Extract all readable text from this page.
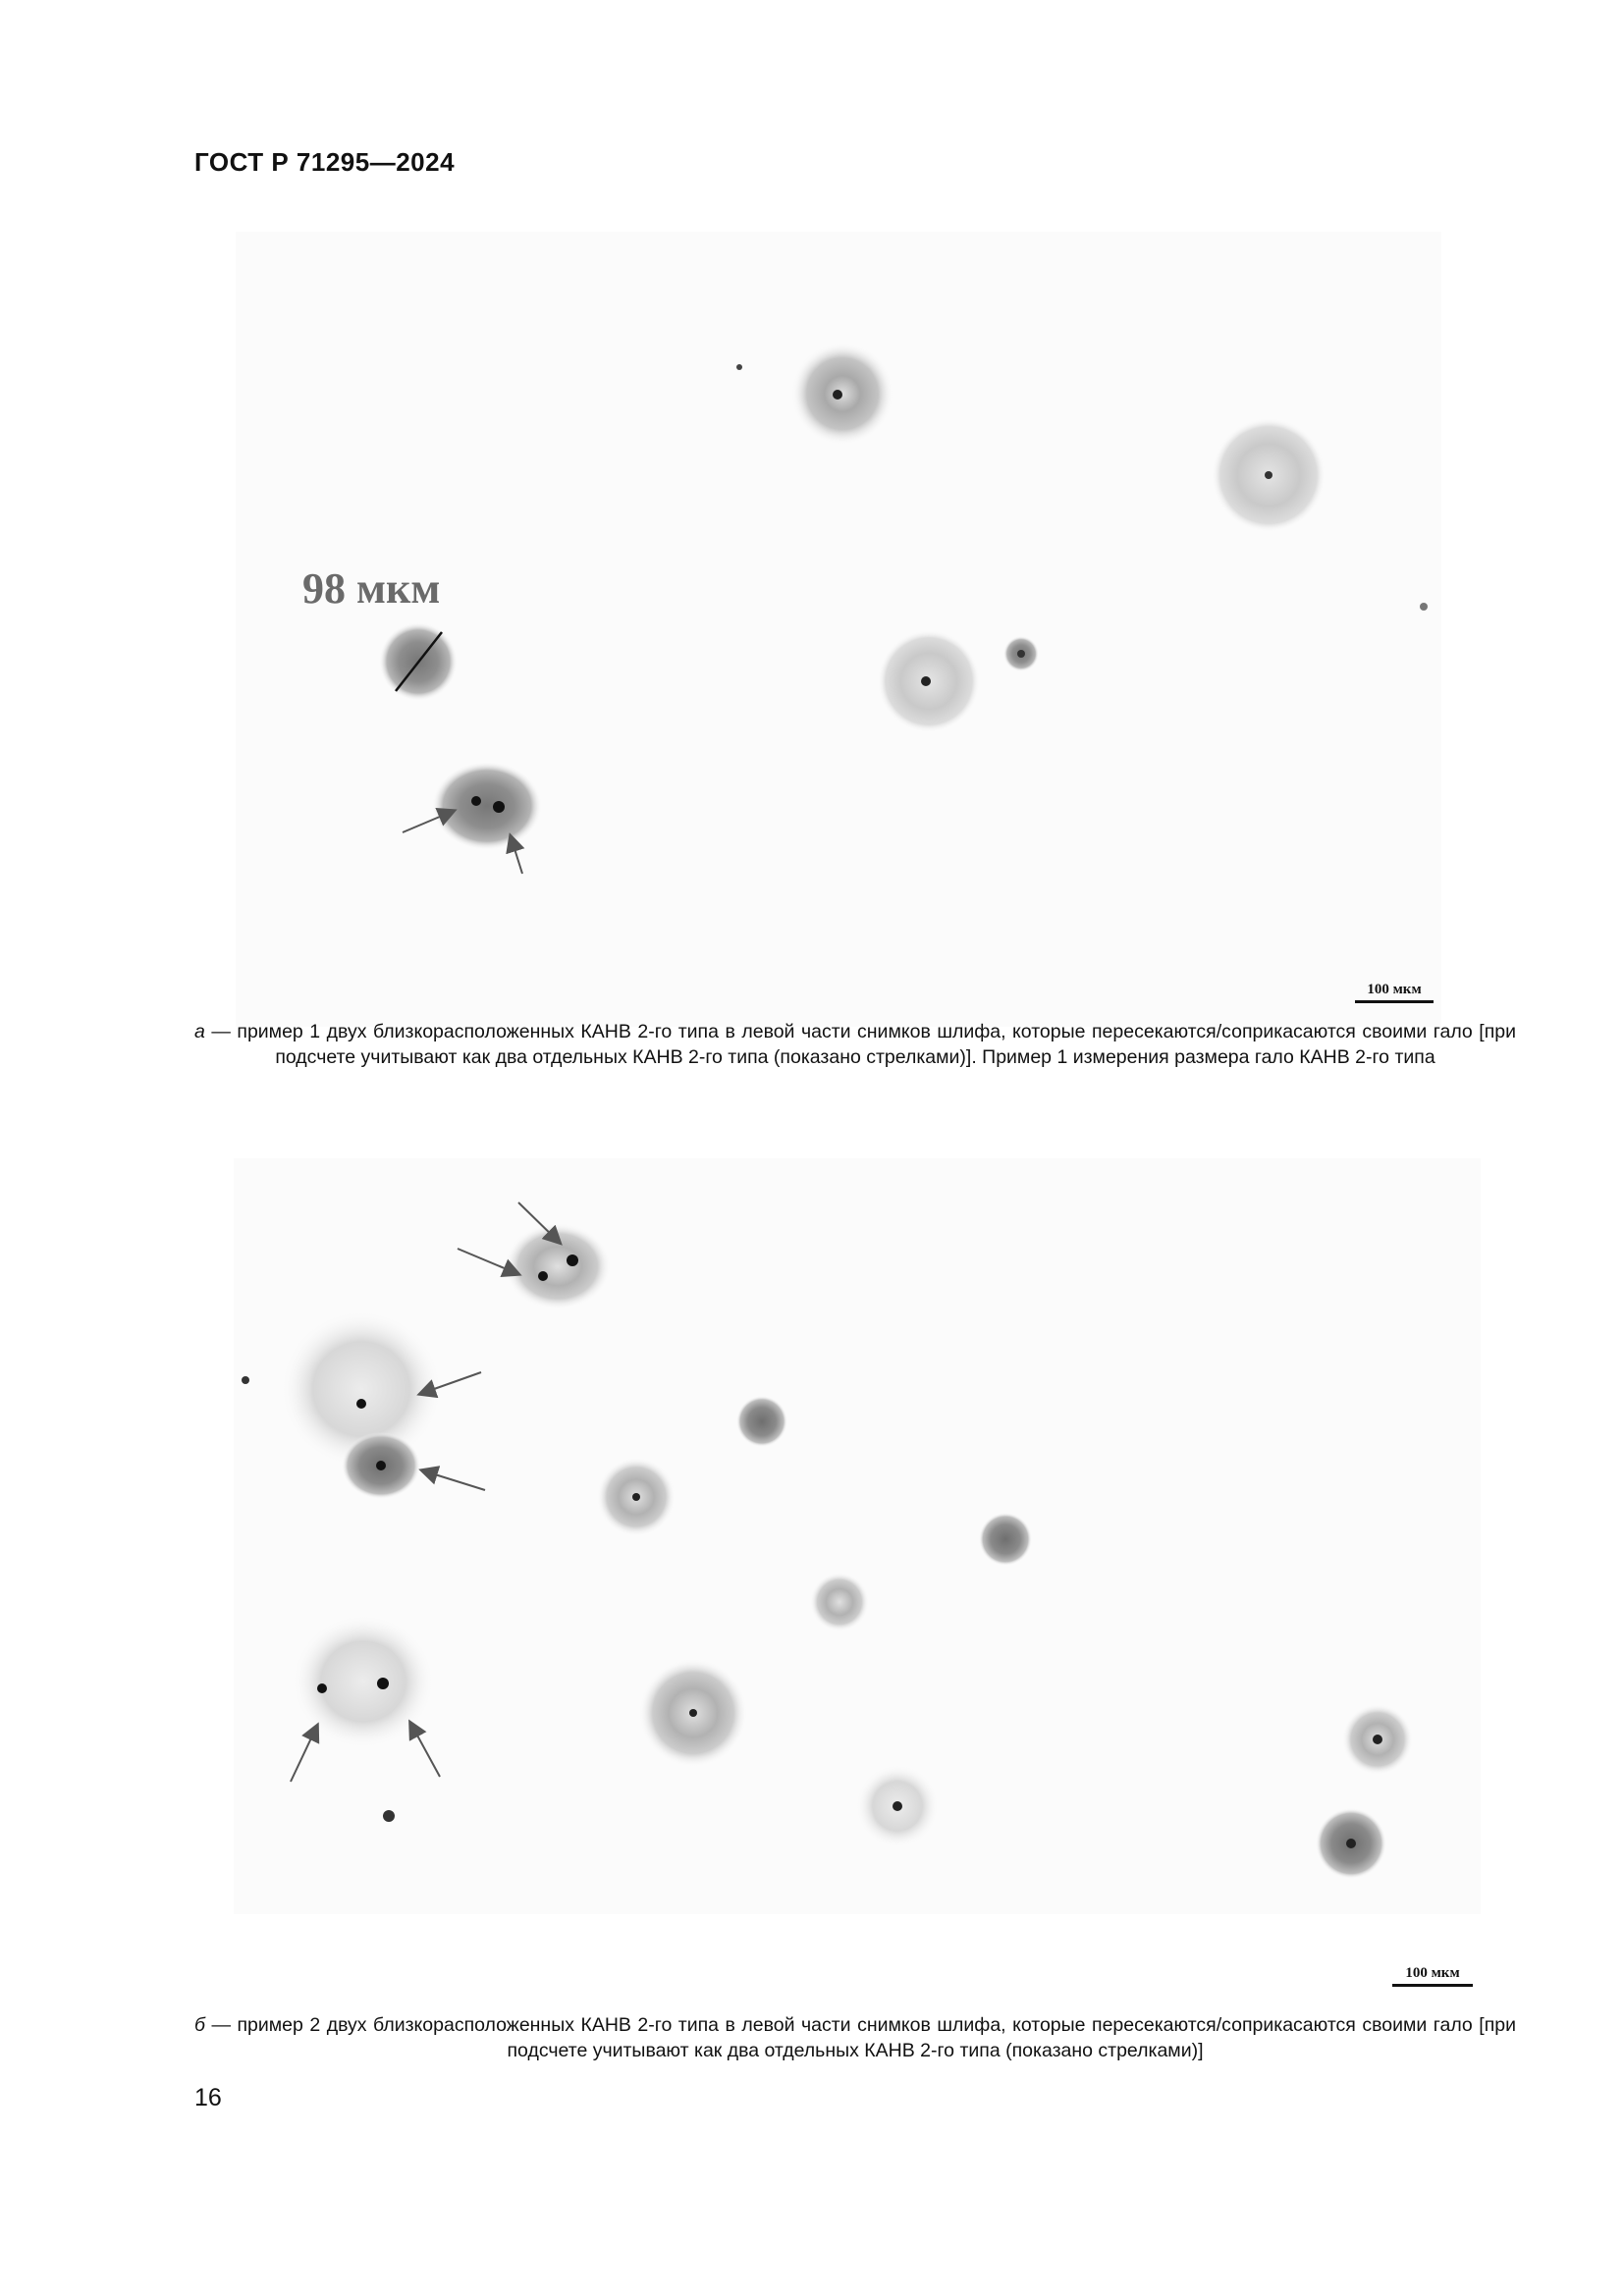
ГОСТ Р 71295—2024
98 мкм
100 мкм
а — пример 1 двух близкорасположенных КАНВ 2-го типа в левой части снимков шлифа, которые пересекаются/соприкасаются своими гало [при подсчете учитывают как два отдельных КАНВ 2-го типа (показано стрелками)]. Пример 1 измерения размера гало КАНВ 2-го типа
100 мкм
б — пример 2 двух близкорасположенных КАНВ 2-го типа в левой части снимков шлифа, которые пересекаются/соприкасаются своими гало [при подсчете учитывают как два отдельных КАНВ 2-го типа (показано стрелками)]
16
